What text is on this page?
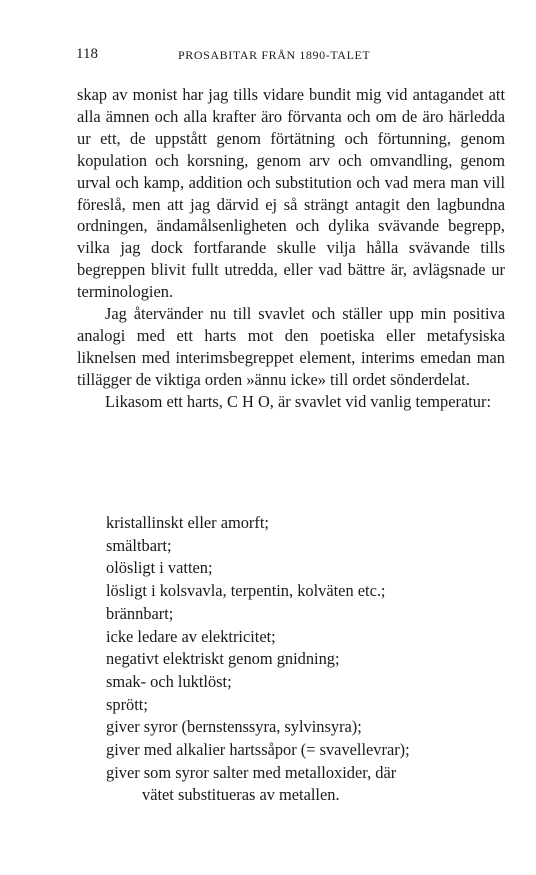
118	PROSABITAR FRÅN 1890-TALET

skap av monist har jag tills vidare bundit mig vid antagandet att alla ämnen och alla krafter äro förvanta och om de äro härledda ur ett, de uppstått genom förtätning och förtunning, genom kopulation och korsning, genom arv och omvandling, genom urval och kamp, addition och substitution och vad mera man vill föreslå, men att jag därvid ej så strängt antagit den lagbundna ordningen, ändamålsenligheten och dylika svävande begrepp, vilka jag dock fortfarande skulle vilja hålla svävande tills begreppen blivit fullt utredda, eller vad bättre är, avlägsnade ur terminologien.

Jag återvänder nu till svavlet och ställer upp min positiva analogi med ett harts mot den poetiska eller metafysiska liknelsen med interimsbegreppet element, interims emedan man tillägger de viktiga orden »ännu icke» till ordet sönderdelat.

Likasom ett harts, C H O, är svavlet vid vanlig temperatur:

kristallinskt eller amorft;
smältbart;
olösligt i vatten;
lösligt i kolsvavla, terpentin, kolväten etc.;
brännbart;
icke ledare av elektricitet;
negativt elektriskt genom gnidning;
smak- och luktlöst;
sprött;
giver syror (bernstenssyra, sylvinsyra);
giver med alkalier hartssåpor (= svavellevrar);
giver som syror salter med metalloxider, där
vätet substitueras av metallen.
